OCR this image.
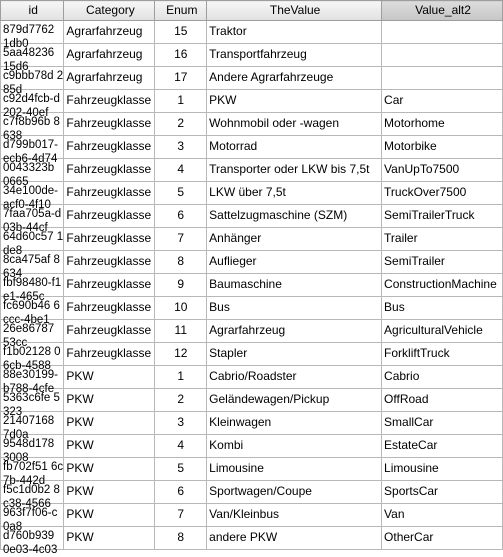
id	Category	Enum	TheValue	Value_alt2

879d7762 1db0	Agrarfahrzeug	15	Traktor	

5aa48236 15d6	Agrarfahrzeug	16	Transportfahrzeug	

c9bbb78d 285d	Agrarfahrzeug	17	Andere Agrarfahrzeuge	

c92d4fcb-d202-40ef	Fahrzeugklasse	1	PKW	Car

c7f8b96b 8638	Fahrzeugklasse	2	Wohnmobil oder -wagen	Motorhome

d799b017-ecb6-4d74	Fahrzeugklasse	3	Motorrad	Motorbike

0043323b 0665	Fahrzeugklasse	4	Transporter oder LKW bis 7,5t	VanUpTo7500

34e100de-acf0-4f10	Fahrzeugklasse	5	LKW über 7,5t	TruckOver7500

7faa705a-d03b-44cf	Fahrzeugklasse	6	Sattelzugmaschine (SZM)	SemiTrailerTruck

64d60c57 1de8	Fahrzeugklasse	7	Anhänger	Trailer

8ca475af 8634	Fahrzeugklasse	8	Auflieger	SemiTrailer

fbf98480-f1e1-465c	Fahrzeugklasse	9	Baumaschine	ConstructionMachine

fc690b46 6ccc-4be1	Fahrzeugklasse	10	Bus	Bus

26e86787 53cc	Fahrzeugklasse	11	Agrarfahrzeug	AgriculturalVehicle

f1b02128 06cb-4588	Fahrzeugklasse	12	Stapler	ForkliftTruck

88e30199-b788-4cfe	PKW	1	Cabrio/Roadster	Cabrio

5363c6fe 5323	PKW	2	Geländewagen/Pickup	OffRoad

21407168 7d0a	PKW	3	Kleinwagen	SmallCar

9548d178 3008	PKW	4	Kombi	EstateCar

fb702f51 6c7b-442d	PKW	5	Limousine	Limousine

f5c1d0b2 8c38-4566	PKW	6	Sportwagen/Coupe	SportsCar

963f7f06-c0a8	PKW	7	Van/Kleinbus	Van

d760b939 0e03-4c03	PKW	8	andere PKW	OtherCar
